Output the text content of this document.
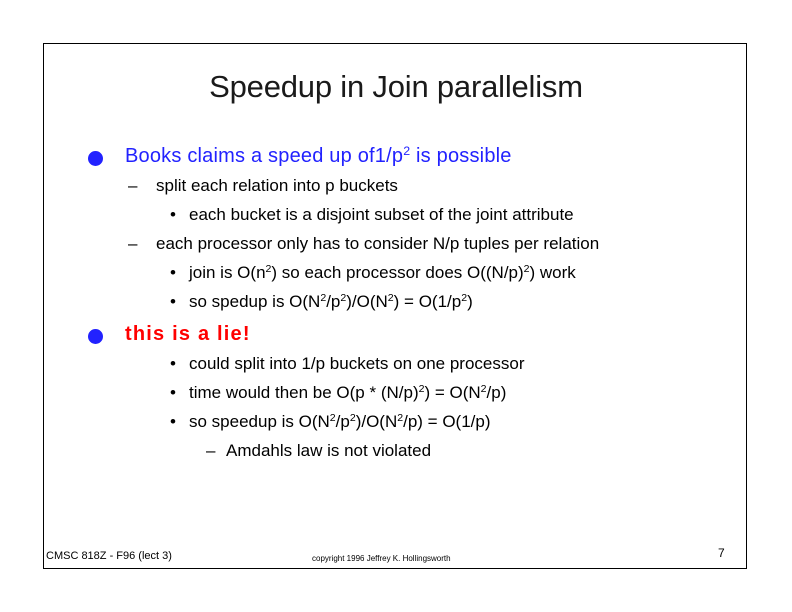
Speedup in Join parallelism
Books claims a speed up $of1/p^2$ is possible
– split each relation into p buckets
• each bucket is a disjoint subset of the joint attribute
– each processor only has to consider N/p tuples per relation
• join is $O(n^2)$ so each processor does $O((N/p)^2)$ work
• so spedup is $O(N^2/p^2)/O(N^2) = O(1/p^2)$
this is a lie!
• could split into 1/p buckets on one processor
• time would then be $O(p * (N/p)^2) = O(N^2/p)$
• so speedup is $O(N^2/p^2)/O(N^2/p) = O(1/p)$
– Amdahls law is not violated
CMSC 818Z - F96 (lect 3)	copyright 1996 Jeffrey K. Hollingsworth	7
